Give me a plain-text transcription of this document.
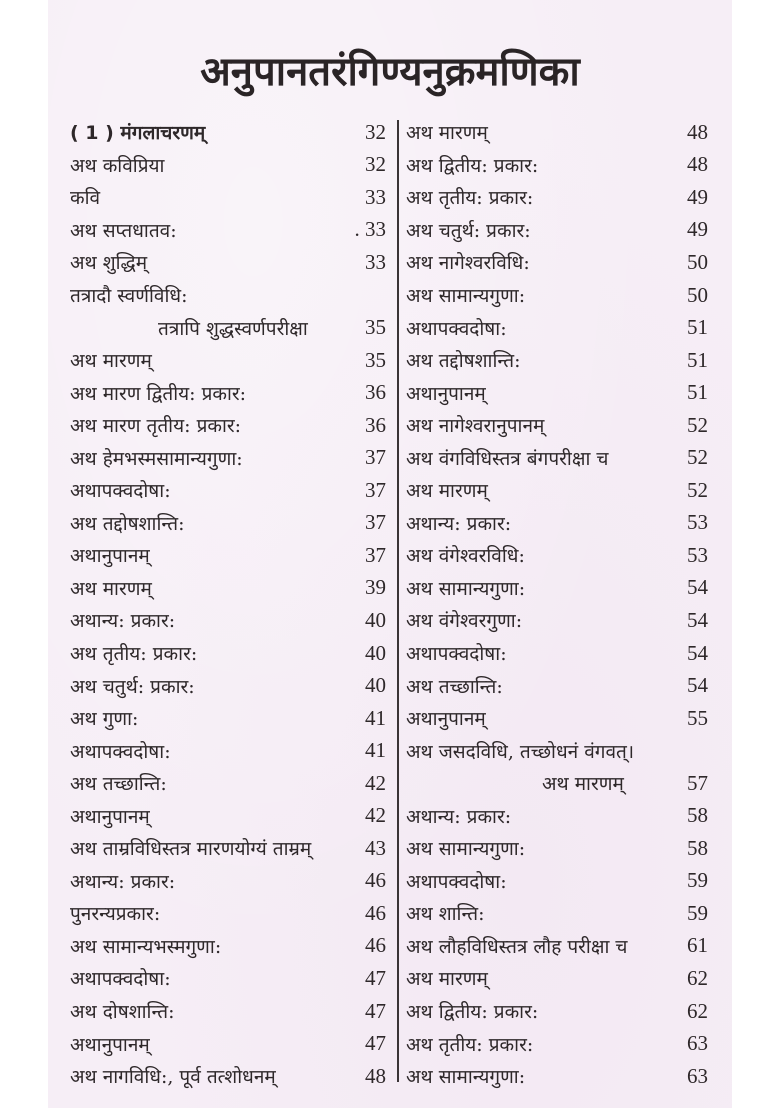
अनुपानतरंगिण्यनुक्रमणिका
( 1 ) मंगलाचरणम्	32
अथ कविप्रिया	32
कवि	33
अथ सप्तधातव:	. 33
अथ शुद्धिम्	33
तत्रादौ स्वर्णविधि:
तत्रापि शुद्धस्वर्णपरीक्षा	35
अथ मारणम्	35
अथ मारण द्वितीय: प्रकार:	36
अथ मारण तृतीय: प्रकार:	36
अथ हेमभस्मसामान्यगुणा:	37
अथापक्वदोषा:	37
अथ तद्दोषशान्ति:	37
अथानुपानम्	37
अथ मारणम्	39
अथान्य: प्रकार:	40
अथ तृतीय: प्रकार:	40
अथ चतुर्थ: प्रकार:	40
अथ गुणा:	41
अथापक्वदोषा:	41
अथ तच्छान्ति:	42
अथानुपानम्	42
अथ ताम्रविधिस्तत्र मारणयोग्यं ताम्रम्	43
अथान्य: प्रकार:	46
पुनरन्यप्रकार:	46
अथ सामान्यभस्मगुणा:	46
अथापक्वदोषा:	47
अथ दोषशान्ति:	47
अथानुपानम्	47
अथ नागविधि:, पूर्व तत्शोधनम्	48
अथ मारणम्	48
अथ द्वितीय: प्रकार:	48
अथ तृतीय: प्रकार:	49
अथ चतुर्थ: प्रकार:	49
अथ नागेश्वरविधि:	50
अथ सामान्यगुणा:	50
अथापक्वदोषा:	51
अथ तद्दोषशान्ति:	51
अथानुपानम्	51
अथ नागेश्वरानुपानम्	52
अथ वंगविधिस्तत्र बंगपरीक्षा च	52
अथ मारणम्	52
अथान्य: प्रकार:	53
अथ वंगेश्वरविधि:	53
अथ सामान्यगुणा:	54
अथ वंगेश्वरगुणा:	54
अथापक्वदोषा:	54
अथ तच्छान्ति:	54
अथानुपानम्	55
अथ जसदविधि, तच्छोधनं वंगवत्।
अथ मारणम्	57
अथान्य: प्रकार:	58
अथ सामान्यगुणा:	58
अथापक्वदोषा:	59
अथ शान्ति:	59
अथ लौहविधिस्तत्र लौह परीक्षा च	61
अथ मारणम्	62
अथ द्वितीय: प्रकार:	62
अथ तृतीय: प्रकार:	63
अथ सामान्यगुणा:	63
